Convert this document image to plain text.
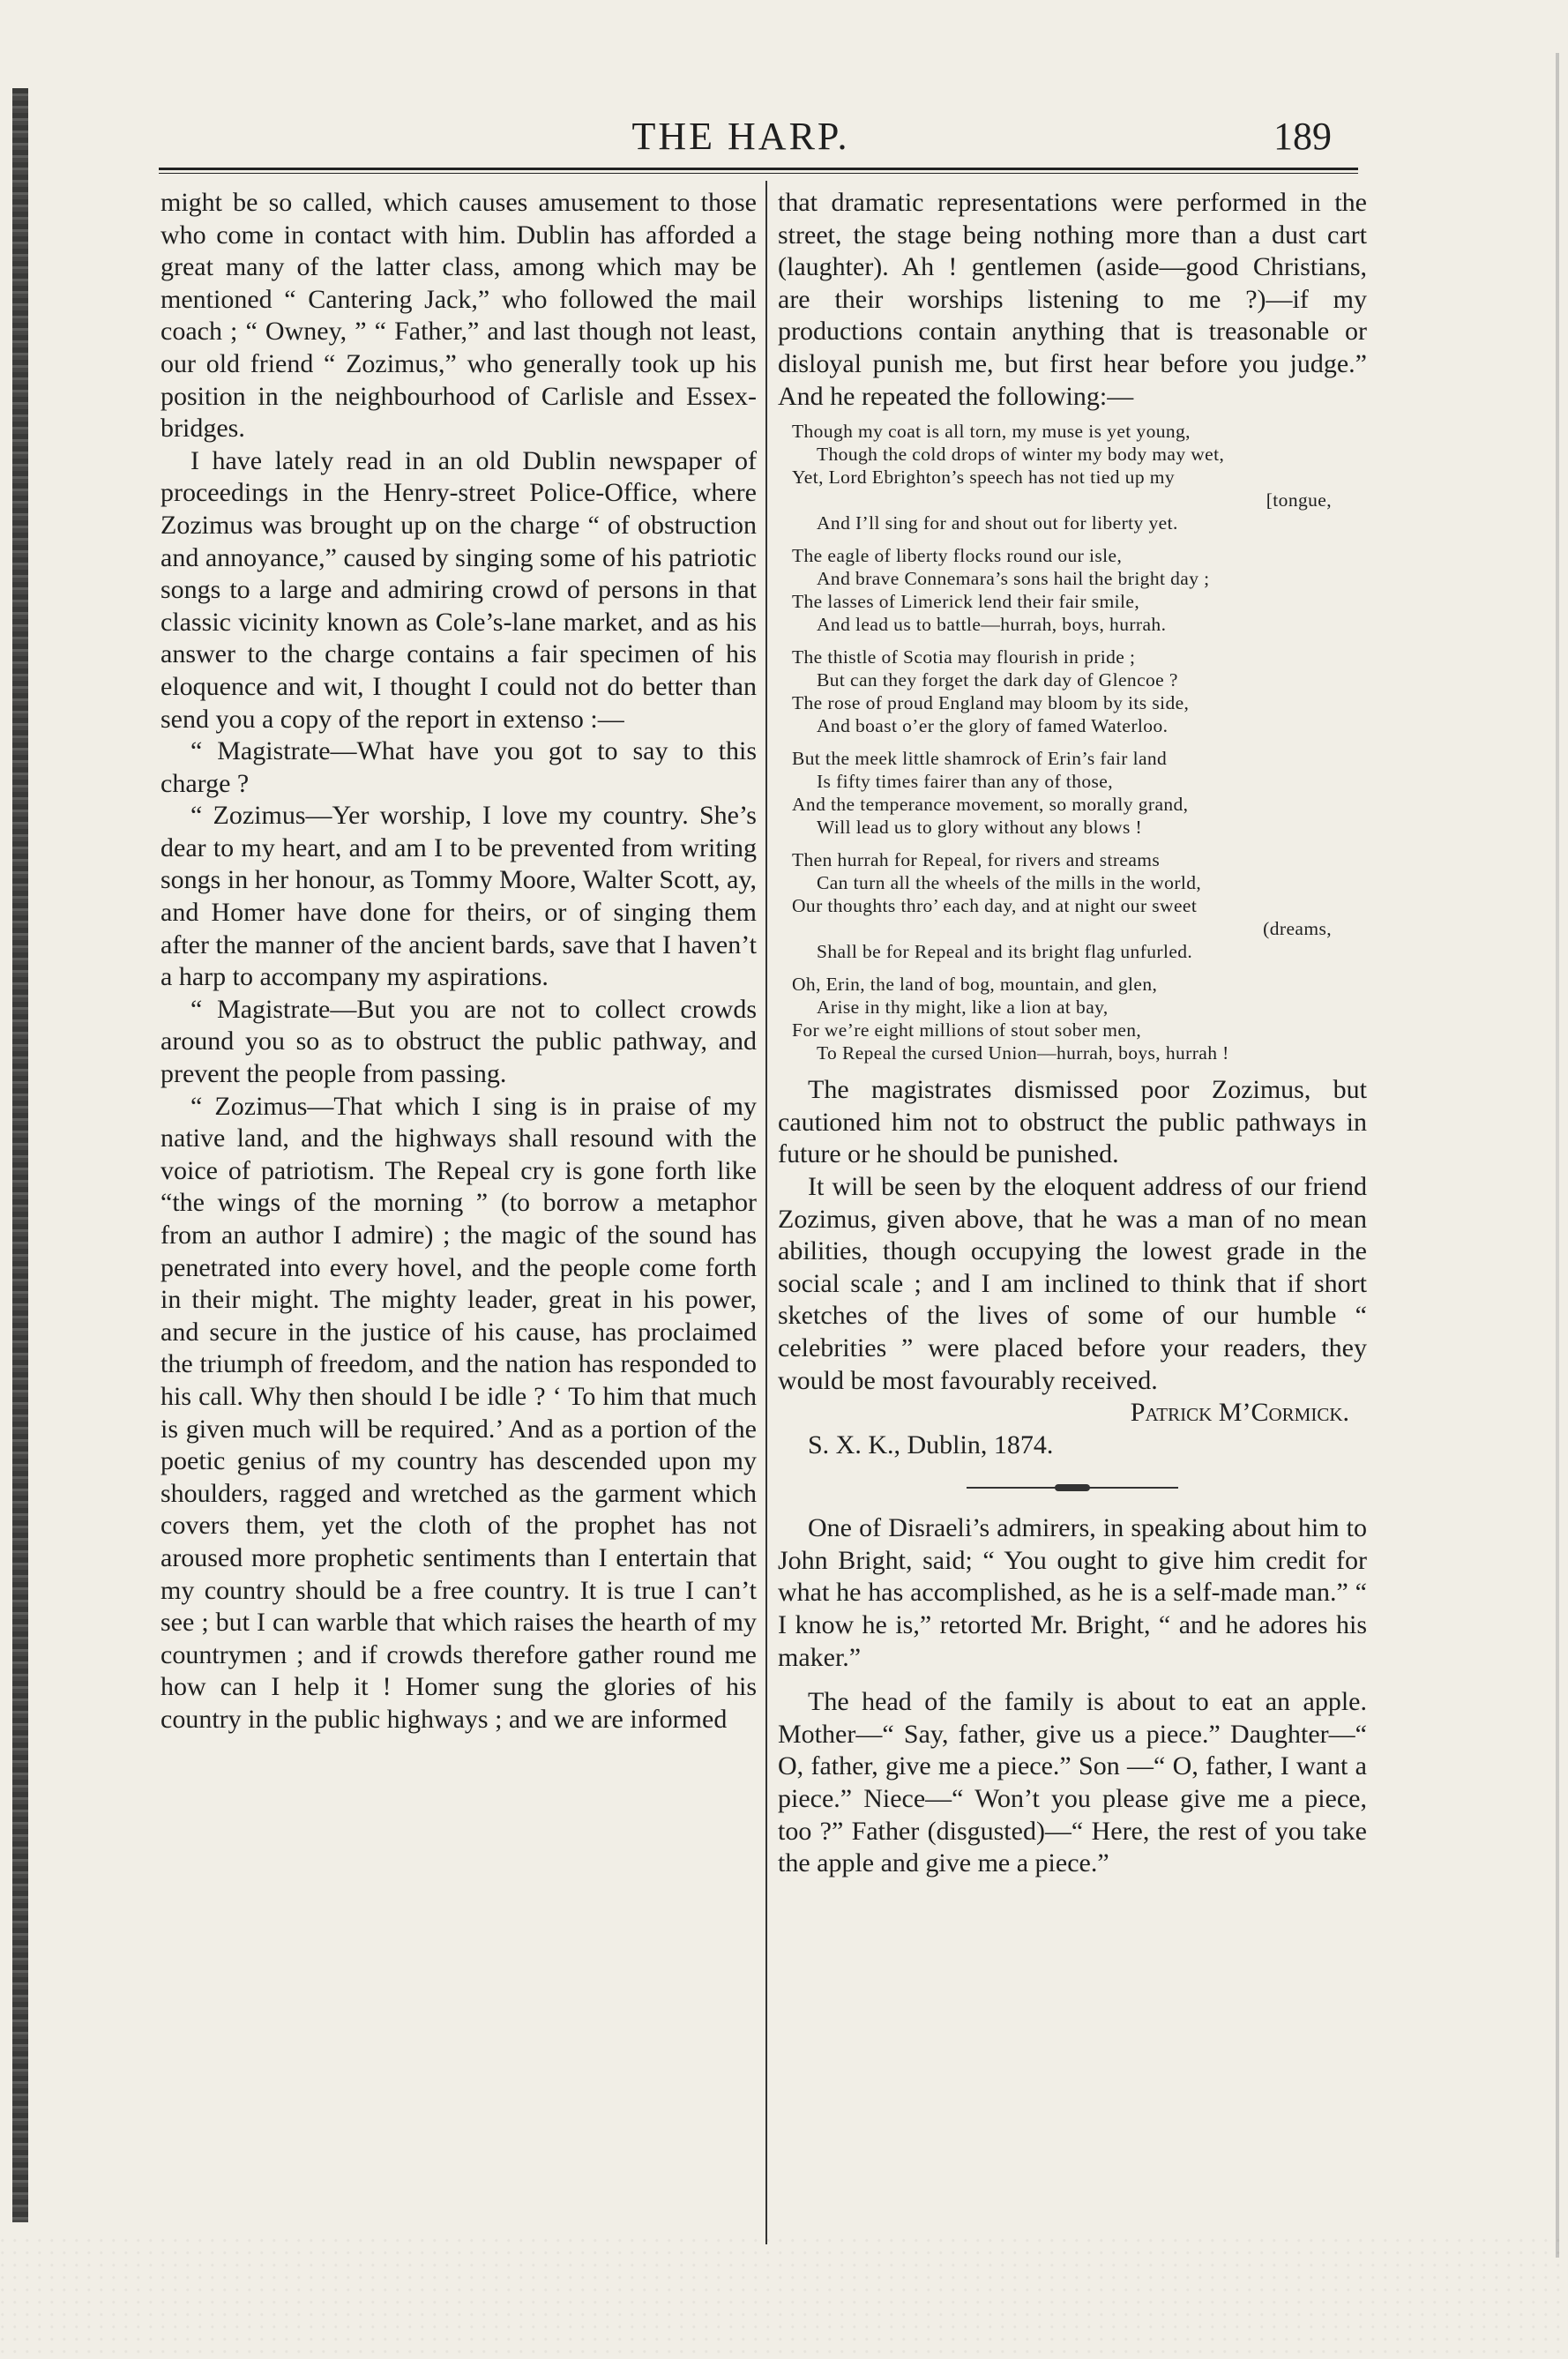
THE HARP.	189

might be so called, which causes amusement to those who come in contact with him. Dublin has afforded a great many of the latter class, among which may be mentioned “ Cantering Jack,” who followed the mail coach ; “ Owney, ” “ Father,” and last though not least, our old friend “ Zozimus,” who generally took up his position in the neighbourhood of Carlisle and Essex-bridges.

I have lately read in an old Dublin newspaper of proceedings in the Henry-street Police-Office, where Zozimus was brought up on the charge “ of obstruction and annoyance,” caused by singing some of his patriotic songs to a large and admiring crowd of persons in that classic vicinity known as Cole’s-lane market, and as his answer to the charge contains a fair specimen of his eloquence and wit, I thought I could not do better than send you a copy of the report in extenso :—

“ Magistrate—What have you got to say to this charge ?

“ Zozimus—Yer worship, I love my country. She’s dear to my heart, and am I to be prevented from writing songs in her honour, as Tommy Moore, Walter Scott, ay, and Homer have done for theirs, or of singing them after the manner of the ancient bards, save that I haven’t a harp to accompany my aspirations.

“ Magistrate—But you are not to collect crowds around you so as to obstruct the public pathway, and prevent the people from passing.

“ Zozimus—That which I sing is in praise of my native land, and the highways shall resound with the voice of patriotism. The Repeal cry is gone forth like “the wings of the morning ” (to borrow a metaphor from an author I admire) ; the magic of the sound has penetrated into every hovel, and the people come forth in their might. The mighty leader, great in his power, and secure in the justice of his cause, has proclaimed the triumph of freedom, and the nation has responded to his call. Why then should I be idle ? ‘ To him that much is given much will be required.’ And as a portion of the poetic genius of my country has descended upon my shoulders, ragged and wretched as the garment which covers them, yet the cloth of the prophet has not aroused more prophetic sentiments than I entertain that my country should be a free country. It is true I can’t see ; but I can warble that which raises the hearth of my countrymen ; and if crowds therefore gather round me how can I help it ! Homer sung the glories of his country in the public highways ; and we are informed

that dramatic representations were performed in the street, the stage being nothing more than a dust cart (laughter). Ah ! gentlemen (aside—good Christians, are their worships listening to me ?)—if my productions contain anything that is treasonable or disloyal punish me, but first hear before you judge.” And he repeated the following:—

Though my coat is all torn, my muse is yet young,
Though the cold drops of winter my body may wet,
Yet, Lord Ebrighton’s speech has not tied up my
[tongue,
And I’ll sing for and shout out for liberty yet.
The eagle of liberty flocks round our isle,
And brave Connemara’s sons hail the bright day ;
The lasses of Limerick lend their fair smile,
And lead us to battle—hurrah, boys, hurrah.
The thistle of Scotia may flourish in pride ;
But can they forget the dark day of Glencoe ?
The rose of proud England may bloom by its side,
And boast o’er the glory of famed Waterloo.
But the meek little shamrock of Erin’s fair land
Is fifty times fairer than any of those,
And the temperance movement, so morally grand,
Will lead us to glory without any blows !
Then hurrah for Repeal, for rivers and streams
Can turn all the wheels of the mills in the world,
Our thoughts thro’ each day, and at night our sweet
(dreams,
Shall be for Repeal and its bright flag unfurled.
Oh, Erin, the land of bog, mountain, and glen,
Arise in thy might, like a lion at bay,
For we’re eight millions of stout sober men,
To Repeal the cursed Union—hurrah, boys, hurrah !

The magistrates dismissed poor Zozimus, but cautioned him not to obstruct the public pathways in future or he should be punished.

It will be seen by the eloquent address of our friend Zozimus, given above, that he was a man of no mean abilities, though occupying the lowest grade in the social scale ; and I am inclined to think that if short sketches of the lives of some of our humble “ celebrities ” were placed before your readers, they would be most favourably received.

Patrick M’Cormick.

S. X. K., Dublin, 1874.

One of Disraeli’s admirers, in speaking about him to John Bright, said; “ You ought to give him credit for what he has accomplished, as he is a self-made man.” “ I know he is,” retorted Mr. Bright, “ and he adores his maker.”

The head of the family is about to eat an apple. Mother—“ Say, father, give us a piece.” Daughter—“ O, father, give me a piece.” Son —“ O, father, I want a piece.” Niece—“ Won’t you please give me a piece, too ?” Father (disgusted)—“ Here, the rest of you take the apple and give me a piece.”
